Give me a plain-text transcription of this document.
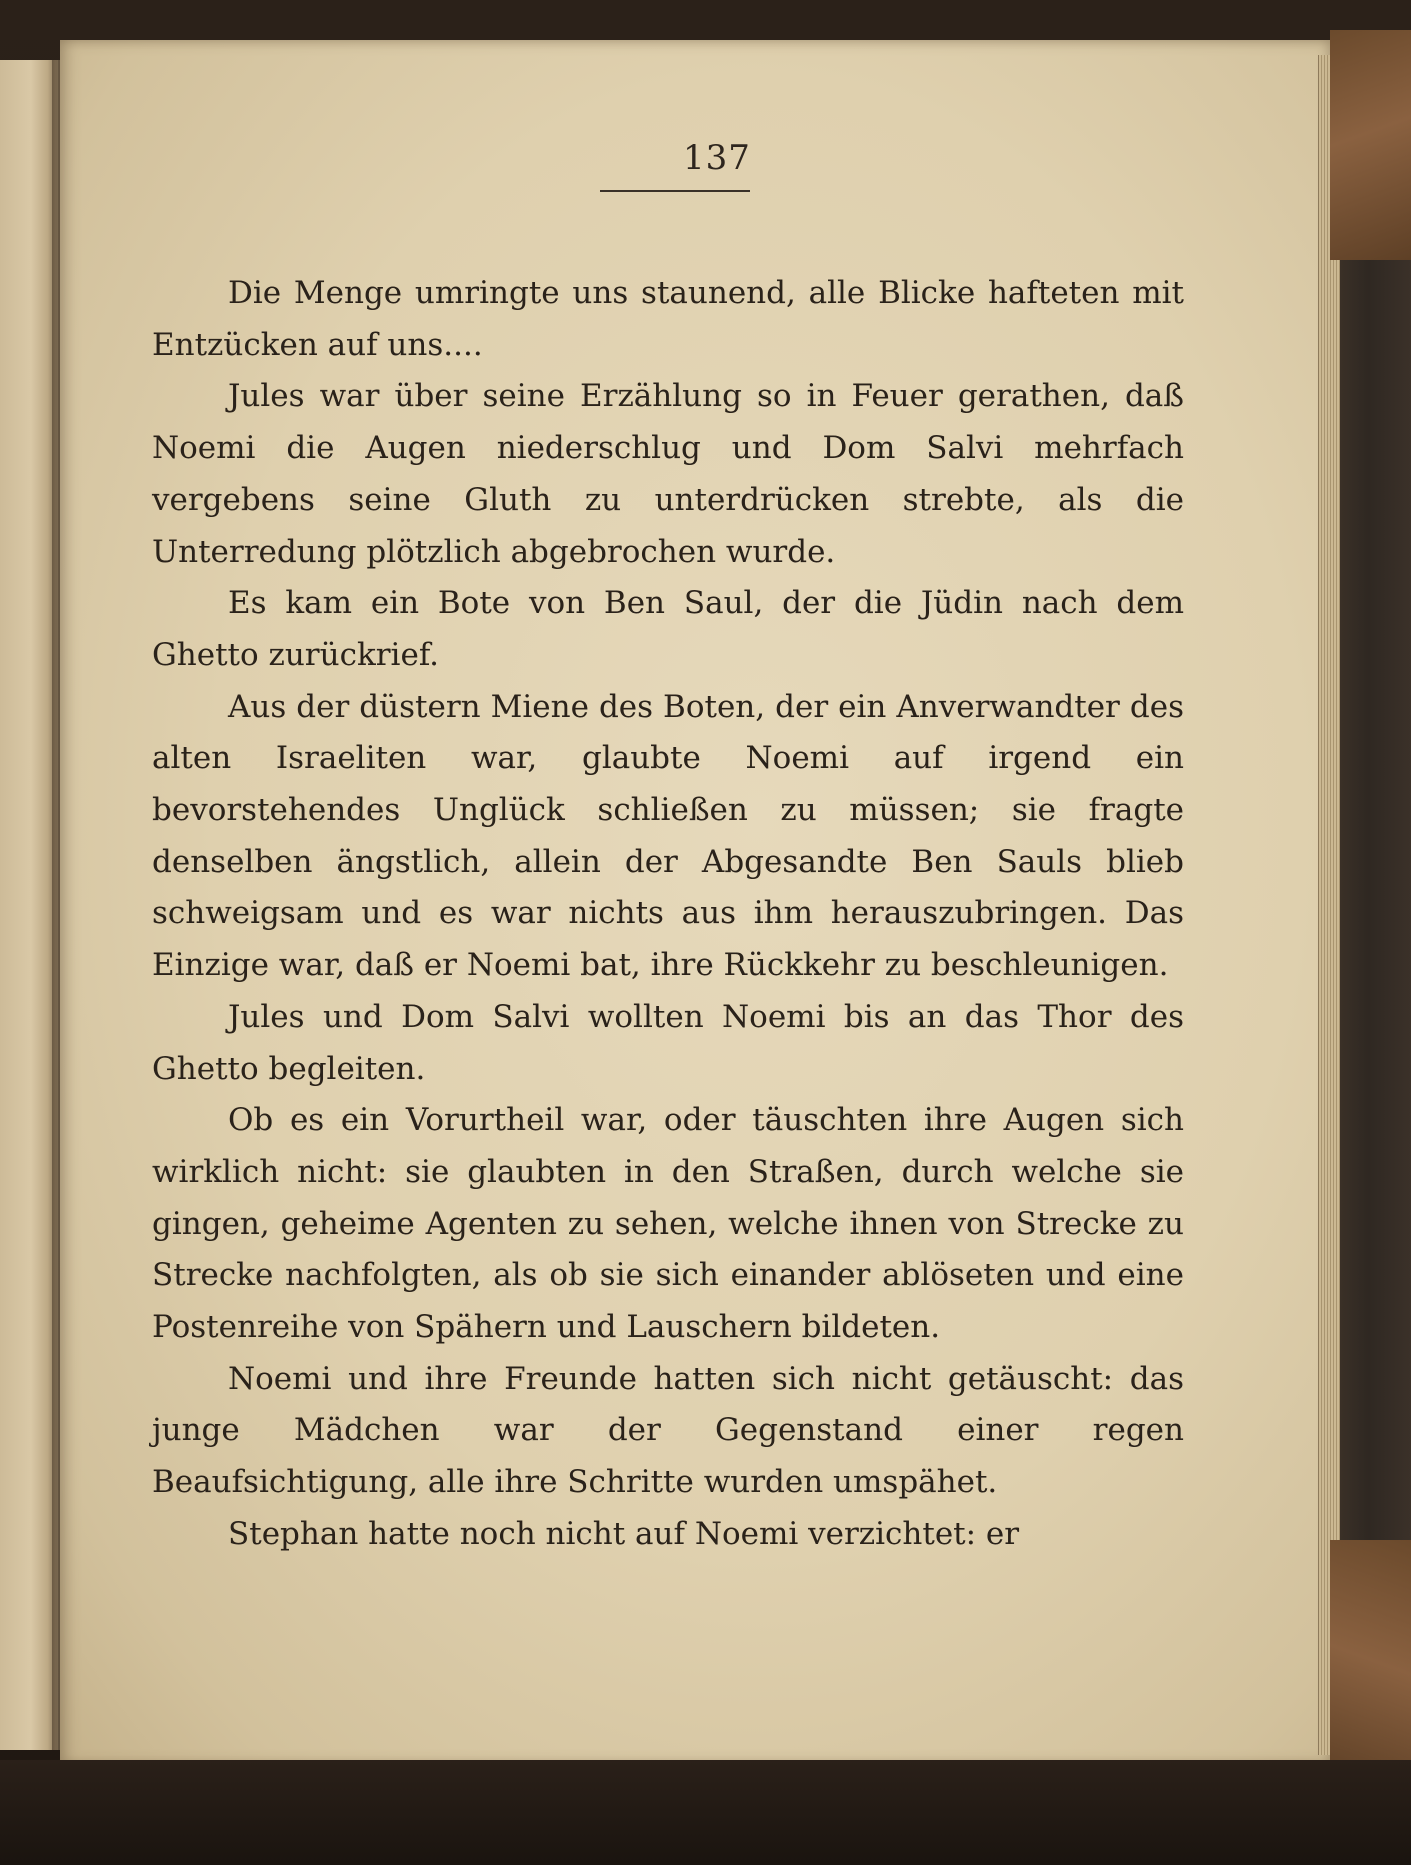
137

Die Menge umringte uns staunend, alle Blicke hafteten mit Entzücken auf uns....

Jules war über seine Erzählung so in Feuer gerathen, daß Noemi die Augen niederschlug und Dom Salvi mehrfach vergebens seine Gluth zu unterdrücken strebte, als die Unterredung plötzlich abgebrochen wurde.

Es kam ein Bote von Ben Saul, der die Jüdin nach dem Ghetto zurückrief.

Aus der düstern Miene des Boten, der ein Anverwandter des alten Israeliten war, glaubte Noemi auf irgend ein bevorstehendes Unglück schließen zu müssen; sie fragte denselben ängstlich, allein der Abgesandte Ben Sauls blieb schweigsam und es war nichts aus ihm herauszubringen. Das Einzige war, daß er Noemi bat, ihre Rückkehr zu beschleunigen.

Jules und Dom Salvi wollten Noemi bis an das Thor des Ghetto begleiten.

Ob es ein Vorurtheil war, oder täuschten ihre Augen sich wirklich nicht: sie glaubten in den Straßen, durch welche sie gingen, geheime Agenten zu sehen, welche ihnen von Strecke zu Strecke nachfolgten, als ob sie sich einander ablöseten und eine Postenreihe von Spähern und Lauschern bildeten.

Noemi und ihre Freunde hatten sich nicht getäuscht: das junge Mädchen war der Gegenstand einer regen Beaufsichtigung, alle ihre Schritte wurden umspähet.

Stephan hatte noch nicht auf Noemi verzichtet: er
